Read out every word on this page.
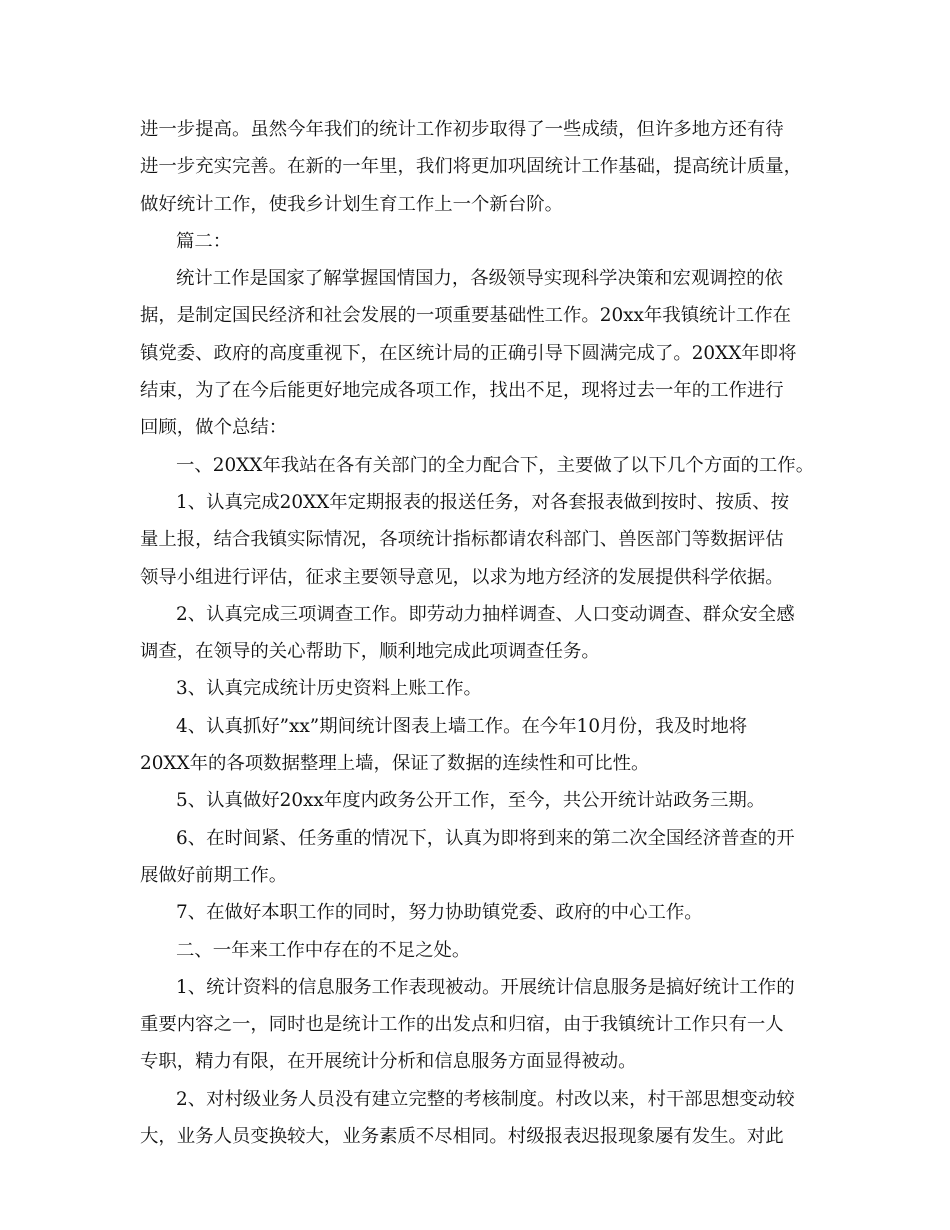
进一步提高。虽然今年我们的统计工作初步取得了一些成绩，但许多地方还有待
进一步充实完善。在新的一年里，我们将更加巩固统计工作基础，提高统计质量，
做好统计工作，使我乡计划生育工作上一个新台阶。
篇二：
统计工作是国家了解掌握国情国力，各级领导实现科学决策和宏观调控的依
据，是制定国民经济和社会发展的一项重要基础性工作。20xx年我镇统计工作在
镇党委、政府的高度重视下，在区统计局的正确引导下圆满完成了。20XX年即将
结束，为了在今后能更好地完成各项工作，找出不足，现将过去一年的工作进行
回顾，做个总结：
一、20XX年我站在各有关部门的全力配合下，主要做了以下几个方面的工作。
1、认真完成20XX年定期报表的报送任务，对各套报表做到按时、按质、按
量上报，结合我镇实际情况，各项统计指标都请农科部门、兽医部门等数据评估
领导小组进行评估，征求主要领导意见，以求为地方经济的发展提供科学依据。
2、认真完成三项调查工作。即劳动力抽样调查、人口变动调查、群众安全感
调查，在领导的关心帮助下，顺利地完成此项调查任务。
3、认真完成统计历史资料上账工作。
4、认真抓好”xx”期间统计图表上墙工作。在今年10月份，我及时地将
20XX年的各项数据整理上墙，保证了数据的连续性和可比性。
5、认真做好20xx年度内政务公开工作，至今，共公开统计站政务三期。
6、在时间紧、任务重的情况下，认真为即将到来的第二次全国经济普查的开
展做好前期工作。
7、在做好本职工作的同时，努力协助镇党委、政府的中心工作。
二、一年来工作中存在的不足之处。
1、统计资料的信息服务工作表现被动。开展统计信息服务是搞好统计工作的
重要内容之一，同时也是统计工作的出发点和归宿，由于我镇统计工作只有一人
专职，精力有限，在开展统计分析和信息服务方面显得被动。
2、对村级业务人员没有建立完整的考核制度。村改以来，村干部思想变动较
大，业务人员变换较大，业务素质不尽相同。村级报表迟报现象屡有发生。对此
